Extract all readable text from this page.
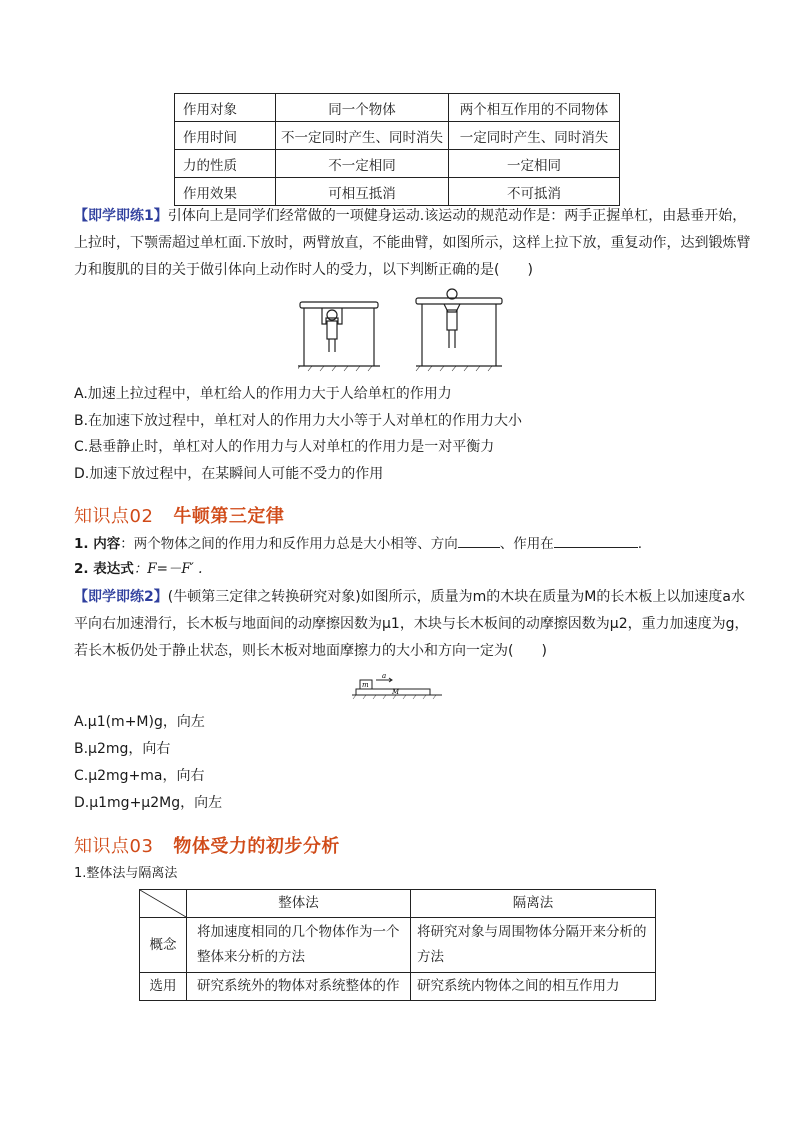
作用对象	同一个物体	两个相互作用的不同物体
作用时间	不一定同时产生、同时消失	一定同时产生、同时消失
力的性质	不一定相同	一定相同
作用效果	可相互抵消	不可抵消

【即学即练1】引体向上是同学们经常做的一项健身运动.该运动的规范动作是：两手正握单杠，由悬垂开始，上拉时，下颚需超过单杠面.下放时，两臂放直，不能曲臂，如图所示，这样上拉下放，重复动作，达到锻炼臂力和腹肌的目的关于做引体向上动作时人的受力，以下判断正确的是(　　)

A.加速上拉过程中，单杠给人的作用力大于人给单杠的作用力
B.在加速下放过程中，单杠对人的作用力大小等于人对单杠的作用力大小
C.悬垂静止时，单杠对人的作用力与人对单杠的作用力是一对平衡力
D.加速下放过程中，在某瞬间人可能不受力的作用
知识点02 牛顿第三定律
1. 内容：两个物体之间的作用力和反作用力总是大小相等、方向	、作用在	.
2. 表达式：F=－F′ .

【即学即练2】(牛顿第三定律之转换研究对象)如图所示，质量为m的木块在质量为M的长木板上以加速度a水平向右加速滑行，长木板与地面间的动摩擦因数为μ1，木块与长木板间的动摩擦因数为μ2，重力加速度为g，若长木板仍处于静止状态，则长木板对地面摩擦力的大小和方向一定为(　　)

m
a
M
A.μ1(m+M)g，向左
B.μ2mg，向右
C.μ2mg+ma，向右
D.μ1mg+μ2Mg，向左
知识点03 物体受力的初步分析
1.整体法与隔离法
	整体法	隔离法
概念	将加速度相同的几个物体作为一个整体来分析的方法	将研究对象与周围物体分隔开来分析的方法
选用	研究系统外的物体对系统整体的作	研究系统内物体之间的相互作用力
